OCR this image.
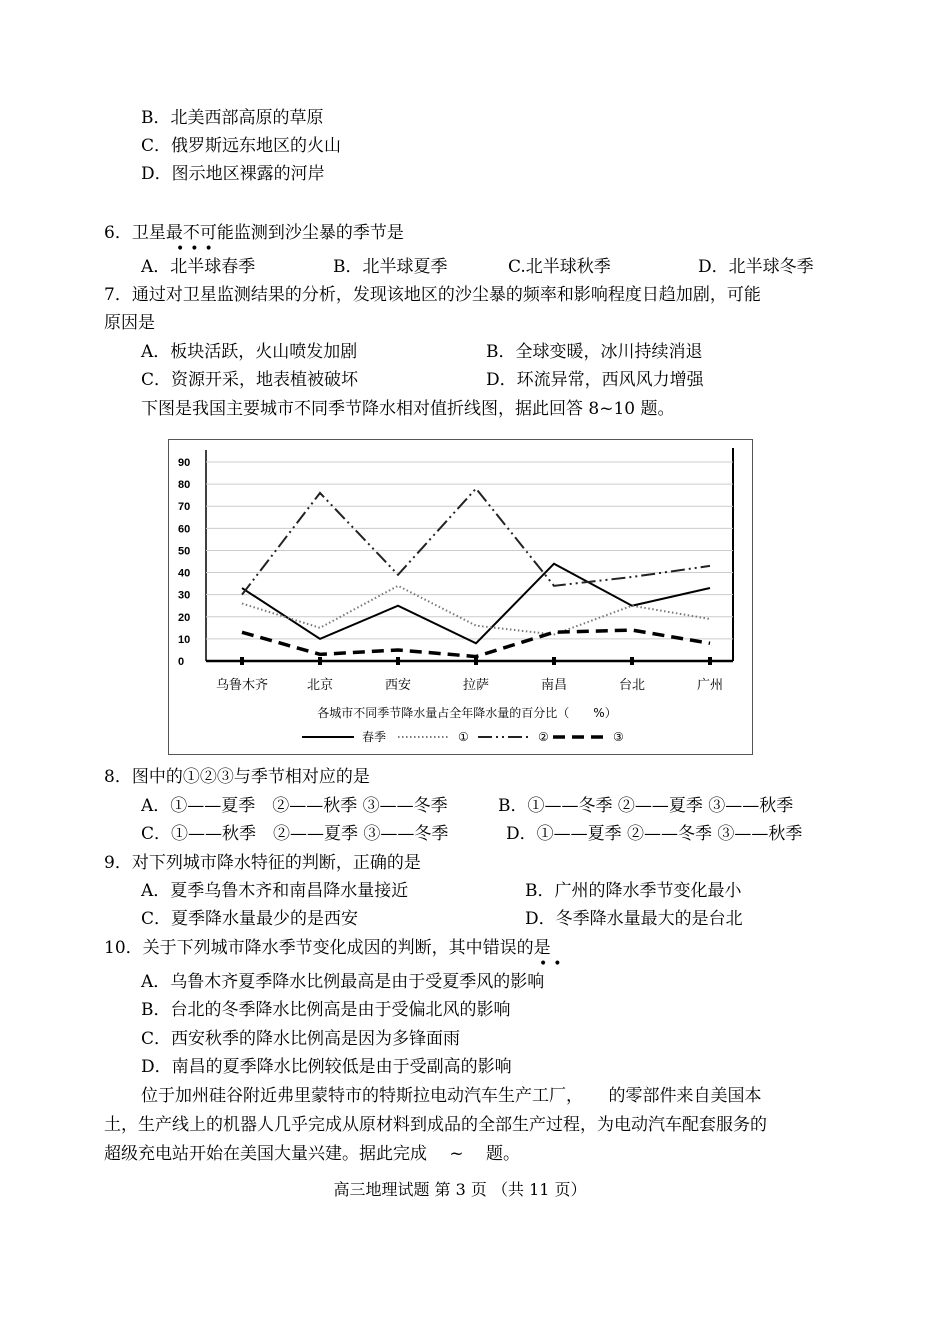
B．北美西部高原的草原
C．俄罗斯远东地区的火山
D．图示地区裸露的河岸
6．卫星最不可能监测到沙尘暴的季节是
•••
A．北半球春季	B．北半球夏季	C.北半球秋季	D．北半球冬季
7．通过对卫星监测结果的分析，发现该地区的沙尘暴的频率和影响程度日趋加剧，可能
原因是
A．板块活跃，火山喷发加剧	B．全球变暖，冰川持续消退
C．资源开采，地表植被破坏	D．环流异常，西风风力增强
下图是我国主要城市不同季节降水相对值折线图，据此回答 8~10 题。
0
10
20
30
40
50
60
70
80
90
乌鲁木齐	北京	西安	拉萨	南昌	台北	广州
各城市不同季节降水量占全年降水量的百分比（　　%）
春季	①	②	③
8．图中的①②③与季节相对应的是
A．①——夏季　②——秋季 ③——冬季	B．①——冬季 ②——夏季 ③——秋季
C．①——秋季　②——夏季 ③——冬季	D．①——夏季 ②——冬季 ③——秋季
9．对下列城市降水特征的判断，正确的是
A．夏季乌鲁木齐和南昌降水量接近	B．广州的降水季节变化最小
C．夏季降水量最少的是西安	D．冬季降水量最大的是台北
10．关于下列城市降水季节变化成因的判断，其中错误的是
••
A．乌鲁木齐夏季降水比例最高是由于受夏季风的影响
B．台北的冬季降水比例高是由于受偏北风的影响
C．西安秋季的降水比例高是因为多锋面雨
D．南昌的夏季降水比例较低是由于受副高的影响
位于加州硅谷附近弗里蒙特市的特斯拉电动汽车生产工厂，　　的零部件来自美国本
土，生产线上的机器人几乎完成从原材料到成品的全部生产过程，为电动汽车配套服务的
超级充电站开始在美国大量兴建。据此完成　 ~ 　题。
高三地理试题 第 3 页 （共 11 页）
